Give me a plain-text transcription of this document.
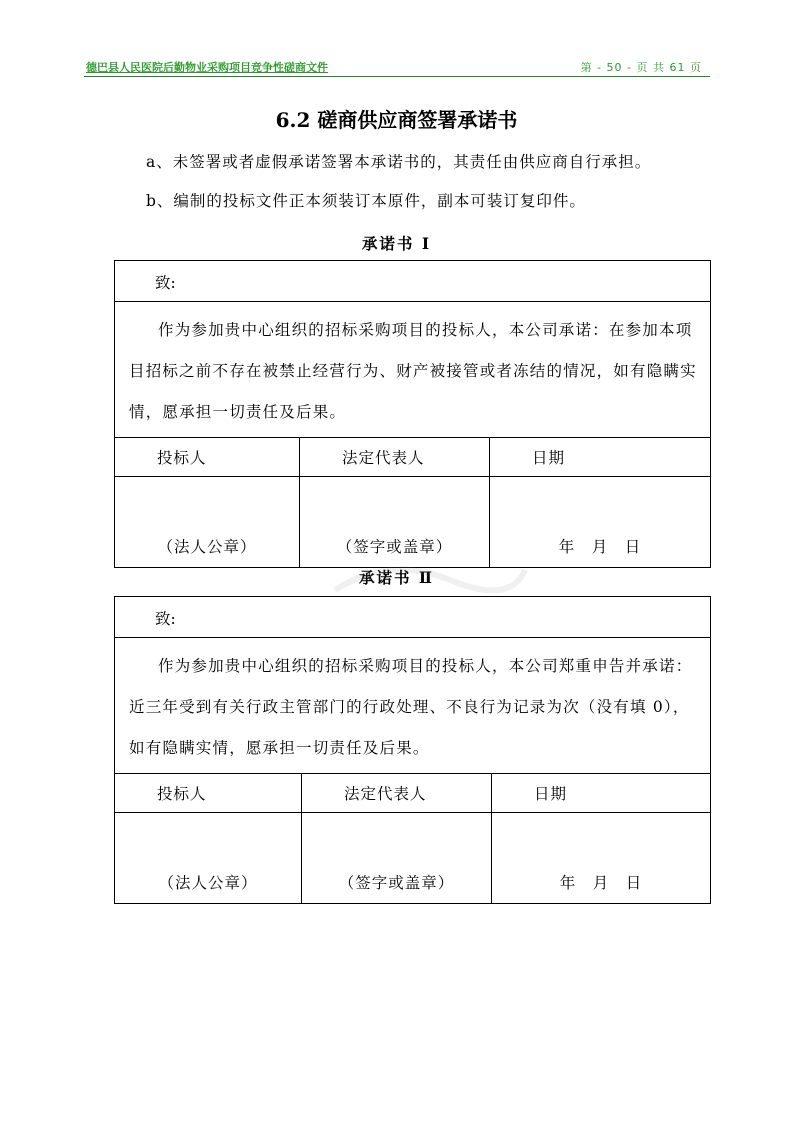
德巴县人民医院后勤物业采购项目竞争性磋商文件	第 - 50 - 页 共 61 页
6.2 磋商供应商签署承诺书
a、未签署或者虚假承诺签署本承诺书的，其责任由供应商自行承担。
b、编制的投标文件正本须装订本原件，副本可装订复印件。
承诺书 Ⅰ
致:		
作为参加贵中心组织的招标采购项目的投标人，本公司承诺：在参加本项目招标之前不存在被禁止经营行为、财产被接管或者冻结的情况，如有隐瞒实情，愿承担一切责任及后果。		
投标人	法定代表人	日期
（法人公章）	（签字或盖章）	年　月　日
承诺书 Ⅱ
致:		
作为参加贵中心组织的招标采购项目的投标人，本公司郑重申告并承诺：近三年受到有关行政主管部门的行政处理、不良行为记录为次（没有填 0），如有隐瞒实情，愿承担一切责任及后果。		
投标人	法定代表人	日期
（法人公章）	（签字或盖章）	年　月　日
